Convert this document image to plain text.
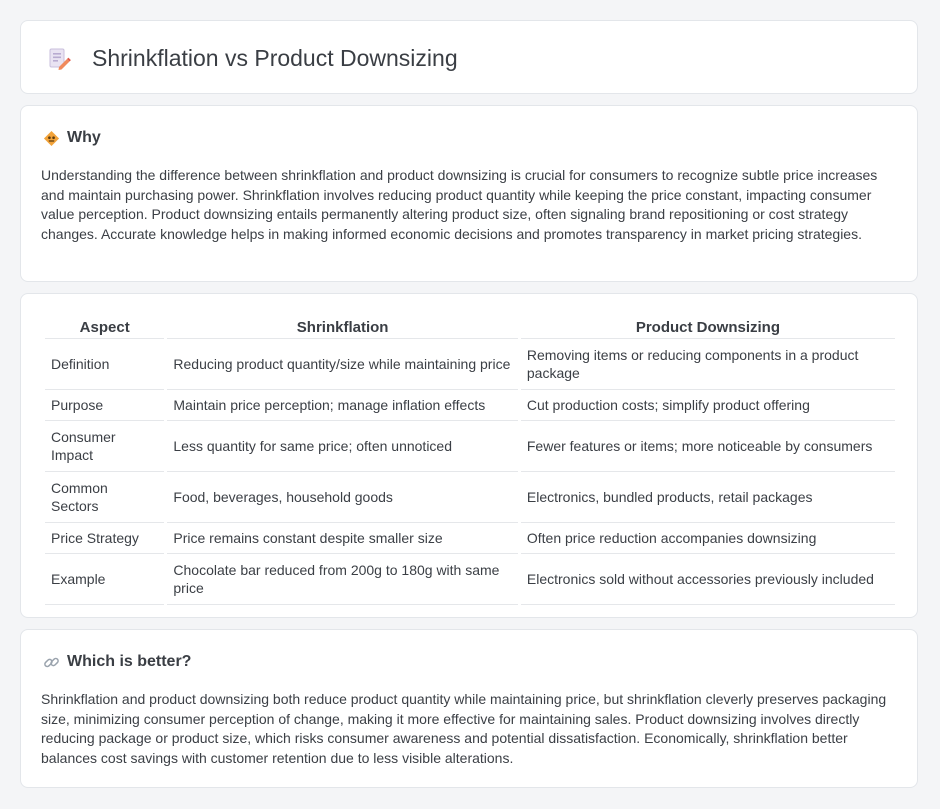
Shrinkflation vs Product Downsizing
Why

Understanding the difference between shrinkflation and product downsizing is crucial for consumers to recognize subtle price increases and maintain purchasing power. Shrinkflation involves reducing product quantity while keeping the price constant, impacting consumer value perception. Product downsizing entails permanently altering product size, often signaling brand repositioning or cost strategy changes. Accurate knowledge helps in making informed economic decisions and promotes transparency in market pricing strategies.

Aspect	Shrinkflation	Product Downsizing
Definition	Reducing product quantity/size while maintaining price	Removing items or reducing components in a product package
Purpose	Maintain price perception; manage inflation effects	Cut production costs; simplify product offering
Consumer Impact	Less quantity for same price; often unnoticed	Fewer features or items; more noticeable by consumers
Common Sectors	Food, beverages, household goods	Electronics, bundled products, retail packages
Price Strategy	Price remains constant despite smaller size	Often price reduction accompanies downsizing
Example	Chocolate bar reduced from 200g to 180g with same price	Electronics sold without accessories previously included
Which is better?

Shrinkflation and product downsizing both reduce product quantity while maintaining price, but shrinkflation cleverly preserves packaging size, minimizing consumer perception of change, making it more effective for maintaining sales. Product downsizing involves directly reducing package or product size, which risks consumer awareness and potential dissatisfaction. Economically, shrinkflation better balances cost savings with customer retention due to less visible alterations.
